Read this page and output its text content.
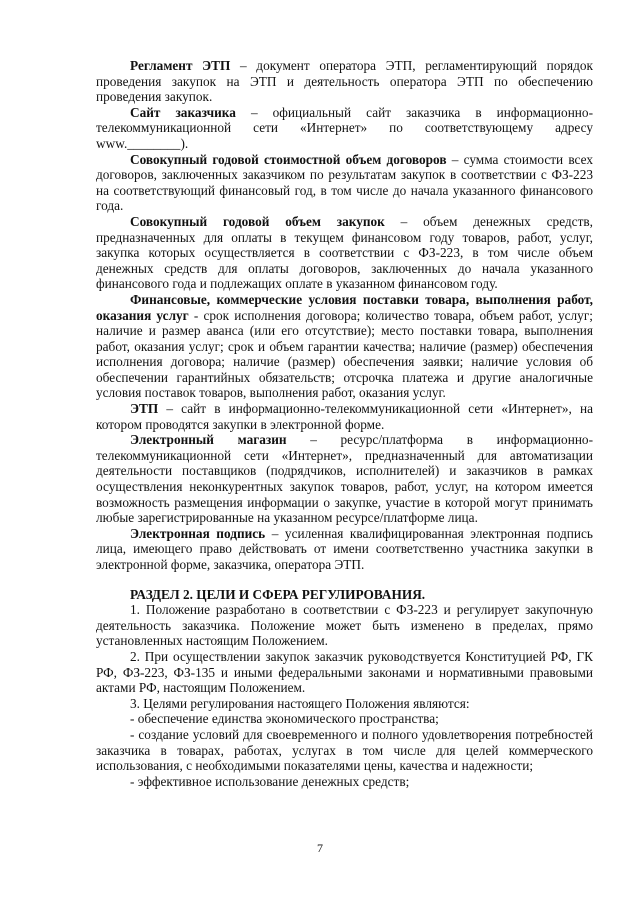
Регламент ЭТП – документ оператора ЭТП, регламентирующий порядок проведения закупок на ЭТП и деятельность оператора ЭТП по обеспечению проведения закупок.

Сайт заказчика – официальный сайт заказчика в информационно-телекоммуникационной сети «Интернет» по соответствующему адресу www.________).

Совокупный годовой стоимостной объем договоров – сумма стоимости всех договоров, заключенных заказчиком по результатам закупок в соответствии с ФЗ-223 на соответствующий финансовый год, в том числе до начала указанного финансового года.

Совокупный годовой объем закупок – объем денежных средств, предназначенных для оплаты в текущем финансовом году товаров, работ, услуг, закупка которых осуществляется в соответствии с ФЗ-223, в том числе объем денежных средств для оплаты договоров, заключенных до начала указанного финансового года и подлежащих оплате в указанном финансовом году.

Финансовые, коммерческие условия поставки товара, выполнения работ, оказания услуг - срок исполнения договора; количество товара, объем работ, услуг; наличие и размер аванса (или его отсутствие); место поставки товара, выполнения работ, оказания услуг; срок и объем гарантии качества; наличие (размер) обеспечения исполнения договора; наличие (размер) обеспечения заявки; наличие условия об обеспечении гарантийных обязательств; отсрочка платежа и другие аналогичные условия поставок товаров, выполнения работ, оказания услуг.

ЭТП – сайт в информационно-телекоммуникационной сети «Интернет», на котором проводятся закупки в электронной форме.

Электронный магазин – ресурс/платформа в информационно-телекоммуникационной сети «Интернет», предназначенный для автоматизации деятельности поставщиков (подрядчиков, исполнителей) и заказчиков в рамках осуществления неконкурентных закупок товаров, работ, услуг, на котором имеется возможность размещения информации о закупке, участие в которой могут принимать любые зарегистрированные на указанном ресурсе/платформе лица.

Электронная подпись – усиленная квалифицированная электронная подпись лица, имеющего право действовать от имени соответственно участника закупки в электронной форме, заказчика, оператора ЭТП.

РАЗДЕЛ 2. ЦЕЛИ И СФЕРА РЕГУЛИРОВАНИЯ.

1. Положение разработано в соответствии с ФЗ-223 и регулирует закупочную деятельность заказчика. Положение может быть изменено в пределах, прямо установленных настоящим Положением.

2. При осуществлении закупок заказчик руководствуется Конституцией РФ, ГК РФ, ФЗ-223, ФЗ-135 и иными федеральными законами и нормативными правовыми актами РФ, настоящим Положением.

3. Целями регулирования настоящего Положения являются:

- обеспечение единства экономического пространства;

- создание условий для своевременного и полного удовлетворения потребностей заказчика в товарах, работах, услугах в том числе для целей коммерческого использования, с необходимыми показателями цены, качества и надежности;

- эффективное использование денежных средств;

7
